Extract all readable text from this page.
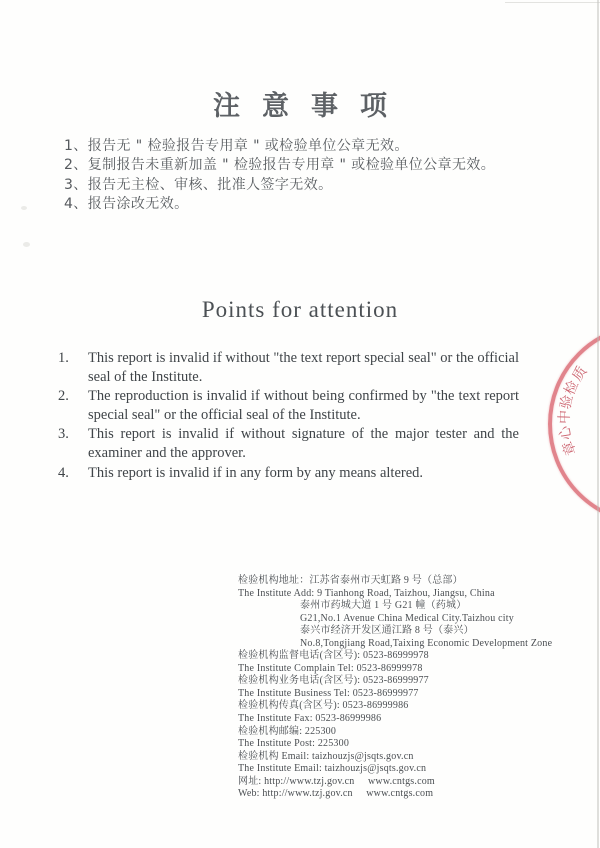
注意事项
1、报告无 " 检验报告专用章 " 或检验单位公章无效。
2、复制报告未重新加盖 " 检验报告专用章 " 或检验单位公章无效。
3、报告无主检、审核、批准人签字无效。
4、报告涂改无效。
Points for attention
1. This report is invalid if without "the text report special seal" or the official seal of the Institute.
2. The reproduction is invalid if without being confirmed by "the text report special seal" or the official seal of the Institute.
3. This report is invalid if without signature of the major tester and the examiner and the approver.
4. This report is invalid if in any form by any means altered.
检验机构地址：江苏省泰州市天虹路 9 号（总部）
The Institute Add: 9 Tianhong Road, Taizhou, Jiangsu, China
泰州市药城大道 1 号 G21 幢（药城）
G21,No.1 Avenue China Medical City.Taizhou city
泰兴市经济开发区通江路 8 号（泰兴）
No.8,Tongjiang Road,Taixing Economic Development Zone
检验机构监督电话(含区号): 0523-86999978
The Institute Complain Tel: 0523-86999978
检验机构业务电话(含区号): 0523-86999977
The Institute Business Tel: 0523-86999977
检验机构传真(含区号): 0523-86999986
The Institute Fax: 0523-86999986
检验机构邮编: 225300
The Institute Post: 225300
检验机构 Email: taizhouzjs@jsqts.gov.cn
The Institute Email: taizhouzjs@jsqts.gov.cn
网址: http://www.tzj.gov.cn     www.cntgs.com
Web: http://www.tzj.gov.cn     www.cntgs.com
质
检
验
中
心
章
